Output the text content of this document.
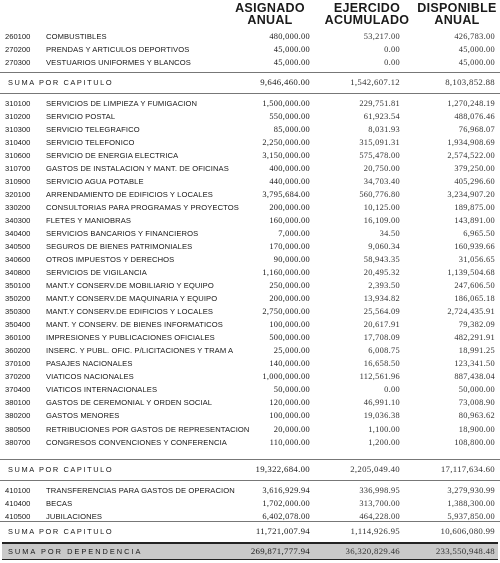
ASIGNADO
ANUAL
EJERCIDO
ACUMULADO
DISPONIBLE
ANUAL
260100 COMBUSTIBLES	480,000.00	53,217.00	426,783.00
270200 PRENDAS Y ARTICULOS DEPORTIVOS	45,000.00	0.00	45,000.00
270300 VESTUARIOS UNIFORMES Y BLANCOS	45,000.00	0.00	45,000.00
SUMA POR CAPITULO	9,646,460.00	1,542,607.12	8,103,852.88
310100 SERVICIOS DE LIMPIEZA Y FUMIGACION	1,500,000.00	229,751.81	1,270,248.19
310200 SERVICIO POSTAL	550,000.00	61,923.54	488,076.46
310300 SERVICIO TELEGRAFICO	85,000.00	8,031.93	76,968.07
310400 SERVICIO TELEFONICO	2,250,000.00	315,091.31	1,934,908.69
310600 SERVICIO DE ENERGIA ELECTRICA	3,150,000.00	575,478.00	2,574,522.00
310700 GASTOS DE INSTALACION Y MANT. DE OFICINAS	400,000.00	20,750.00	379,250.00
310900 SERVICIO AGUA POTABLE	440,000.00	34,703.40	405,296.60
320100 ARRENDAMIENTO DE EDIFICIOS Y LOCALES	3,795,684.00	560,776.80	3,234,907.20
330200 CONSULTORIAS PARA PROGRAMAS Y PROYECTOS	200,000.00	10,125.00	189,875.00
340300 FLETES Y MANIOBRAS	160,000.00	16,109.00	143,891.00
340400 SERVICIOS BANCARIOS Y FINANCIEROS	7,000.00	34.50	6,965.50
340500 SEGUROS DE BIENES PATRIMONIALES	170,000.00	9,060.34	160,939.66
340600 OTROS IMPUESTOS Y DERECHOS	90,000.00	58,943.35	31,056.65
340800 SERVICIOS DE VIGILANCIA	1,160,000.00	20,495.32	1,139,504.68
350100 MANT.Y CONSERV.DE MOBILIARIO Y EQUIPO	250,000.00	2,393.50	247,606.50
350200 MANT.Y CONSERV.DE MAQUINARIA Y EQUIPO	200,000.00	13,934.82	186,065.18
350300 MANT.Y CONSERV.DE EDIFICIOS Y LOCALES	2,750,000.00	25,564.09	2,724,435.91
350400 MANT. Y CONSERV. DE BIENES INFORMATICOS	100,000.00	20,617.91	79,382.09
360100 IMPRESIONES Y PUBLICACIONES OFICIALES	500,000.00	17,708.09	482,291.91
360200 INSERC. Y PUBL. OFIC. P/LICITACIONES Y TRAM A	25,000.00	6,008.75	18,991.25
370100 PASAJES NACIONALES	140,000.00	16,658.50	123,341.50
370200 VIATICOS NACIONALES	1,000,000.00	112,561.96	887,438.04
370400 VIATICOS INTERNACIONALES	50,000.00	0.00	50,000.00
380100 GASTOS DE CEREMONIAL Y ORDEN SOCIAL	120,000.00	46,991.10	73,008.90
380200 GASTOS MENORES	100,000.00	19,036.38	80,963.62
380500 RETRIBUCIONES POR GASTOS DE REPRESENTACION	20,000.00	1,100.00	18,900.00
380700 CONGRESOS CONVENCIONES Y CONFERENCIA	110,000.00	1,200.00	108,800.00
SUMA POR CAPITULO	19,322,684.00	2,205,049.40	17,117,634.60
410100 TRANSFERENCIAS PARA GASTOS DE OPERACION	3,616,929.94	336,998.95	3,279,930.99
410400 BECAS	1,702,000.00	313,700.00	1,388,300.00
410500 JUBILACIONES	6,402,078.00	464,228.00	5,937,850.00
SUMA POR CAPITULO	11,721,007.94	1,114,926.95	10,606,080.99
SUMA POR DEPENDENCIA	269,871,777.94	36,320,829.46	233,550,948.48
